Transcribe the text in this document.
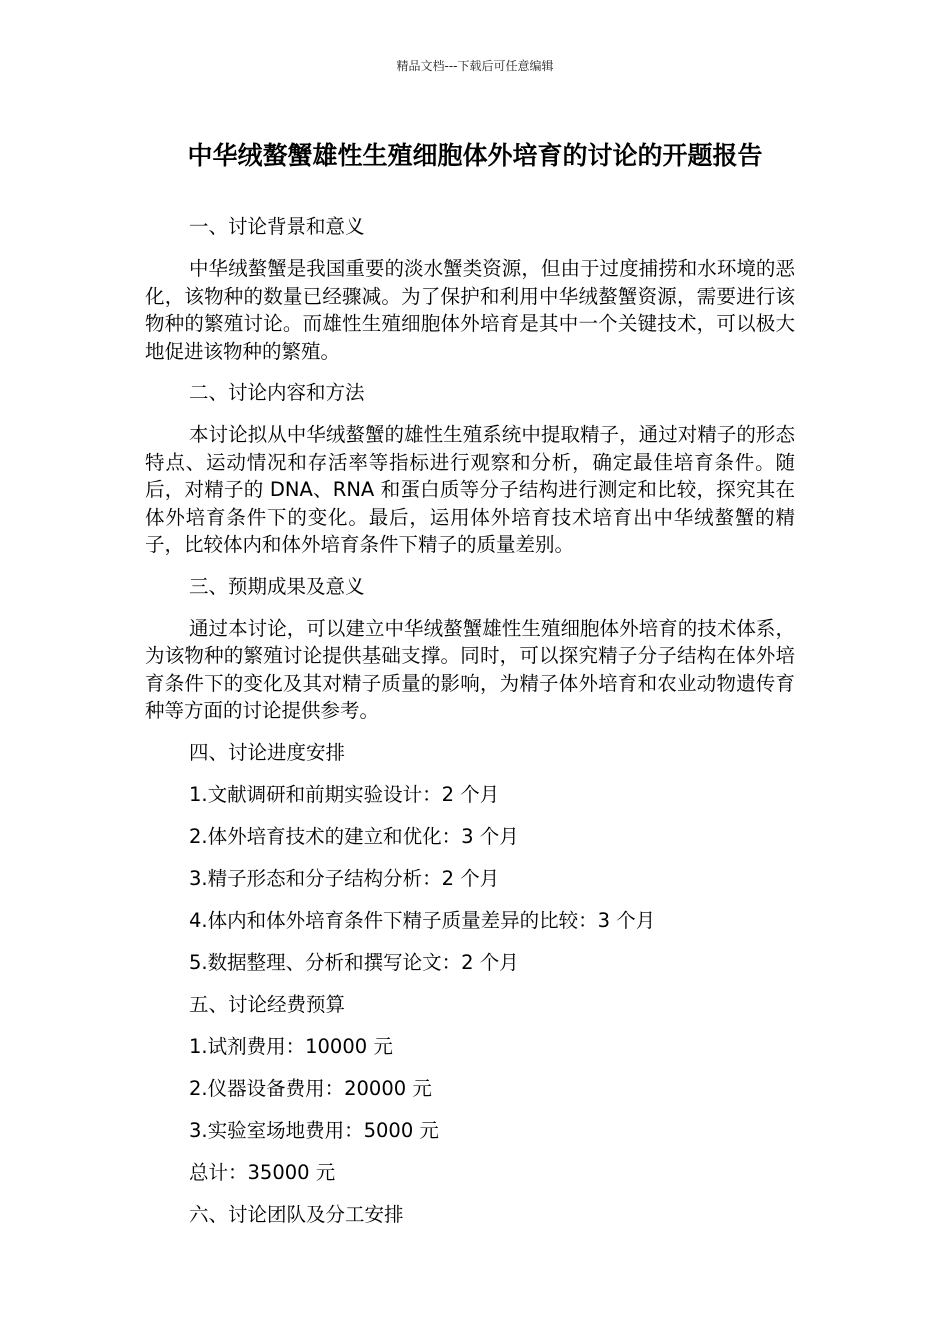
精品文档---下载后可任意编辑
中华绒螯蟹雄性生殖细胞体外培育的讨论的开题报告
一、讨论背景和意义

中华绒螯蟹是我国重要的淡水蟹类资源，但由于过度捕捞和水环境的恶化，该物种的数量已经骤减。为了保护和利用中华绒螯蟹资源，需要进行该物种的繁殖讨论。而雄性生殖细胞体外培育是其中一个关键技术，可以极大地促进该物种的繁殖。

二、讨论内容和方法

本讨论拟从中华绒螯蟹的雄性生殖系统中提取精子，通过对精子的形态特点、运动情况和存活率等指标进行观察和分析，确定最佳培育条件。随后，对精子的 DNA、RNA 和蛋白质等分子结构进行测定和比较，探究其在体外培育条件下的变化。最后，运用体外培育技术培育出中华绒螯蟹的精子，比较体内和体外培育条件下精子的质量差别。

三、预期成果及意义

通过本讨论，可以建立中华绒螯蟹雄性生殖细胞体外培育的技术体系，为该物种的繁殖讨论提供基础支撑。同时，可以探究精子分子结构在体外培育条件下的变化及其对精子质量的影响，为精子体外培育和农业动物遗传育种等方面的讨论提供参考。

四、讨论进度安排
1.文献调研和前期实验设计：2 个月
2.体外培育技术的建立和优化：3 个月
3.精子形态和分子结构分析：2 个月
4.体内和体外培育条件下精子质量差异的比较：3 个月
5.数据整理、分析和撰写论文：2 个月
五、讨论经费预算
1.试剂费用：10000 元
2.仪器设备费用：20000 元
3.实验室场地费用：5000 元
总计：35000 元
六、讨论团队及分工安排
